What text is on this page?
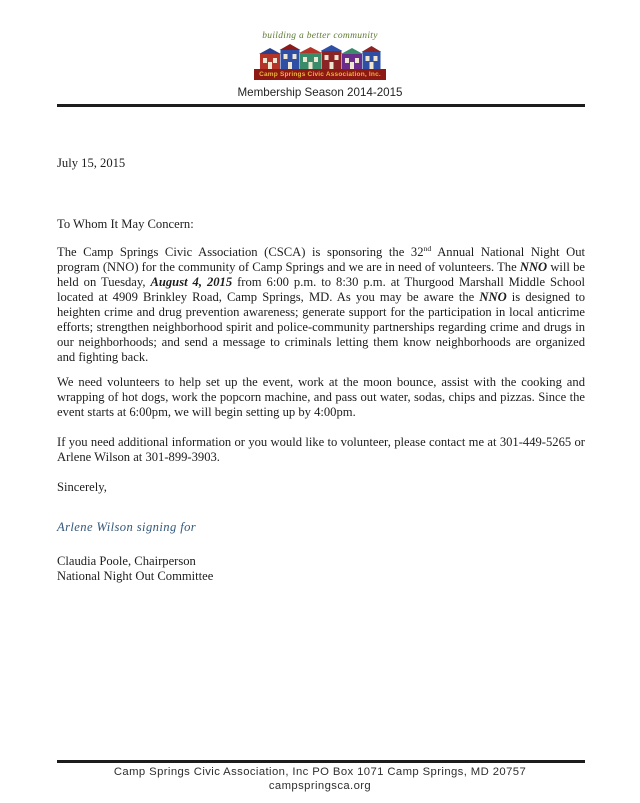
building a better community
Camp Springs Civic Association, Inc.
Membership Season 2014-2015
July 15, 2015
To Whom It May Concern:

The Camp Springs Civic Association (CSCA) is sponsoring the 32nd Annual National Night Out program (NNO) for the community of Camp Springs and we are in need of volunteers. The NNO will be held on Tuesday, August 4, 2015 from 6:00 p.m. to 8:30 p.m. at Thurgood Marshall Middle School located at 4909 Brinkley Road, Camp Springs, MD. As you may be aware the NNO is designed to heighten crime and drug prevention awareness; generate support for the participation in local anticrime efforts; strengthen neighborhood spirit and police-community partnerships regarding crime and drugs in our neighborhoods; and send a message to criminals letting them know neighborhoods are organized and fighting back.

We need volunteers to help set up the event, work at the moon bounce, assist with the cooking and wrapping of hot dogs, work the popcorn machine, and pass out water, sodas, chips and pizzas. Since the event starts at 6:00pm, we will begin setting up by 4:00pm.

If you need additional information or you would like to volunteer, please contact me at 301-449-5265 or Arlene Wilson at 301-899-3903.

Sincerely,
Arlene Wilson signing for
Claudia Poole, Chairperson
National Night Out Committee
Camp Springs Civic Association, Inc PO Box 1071 Camp Springs, MD 20757
campspringsca.org
